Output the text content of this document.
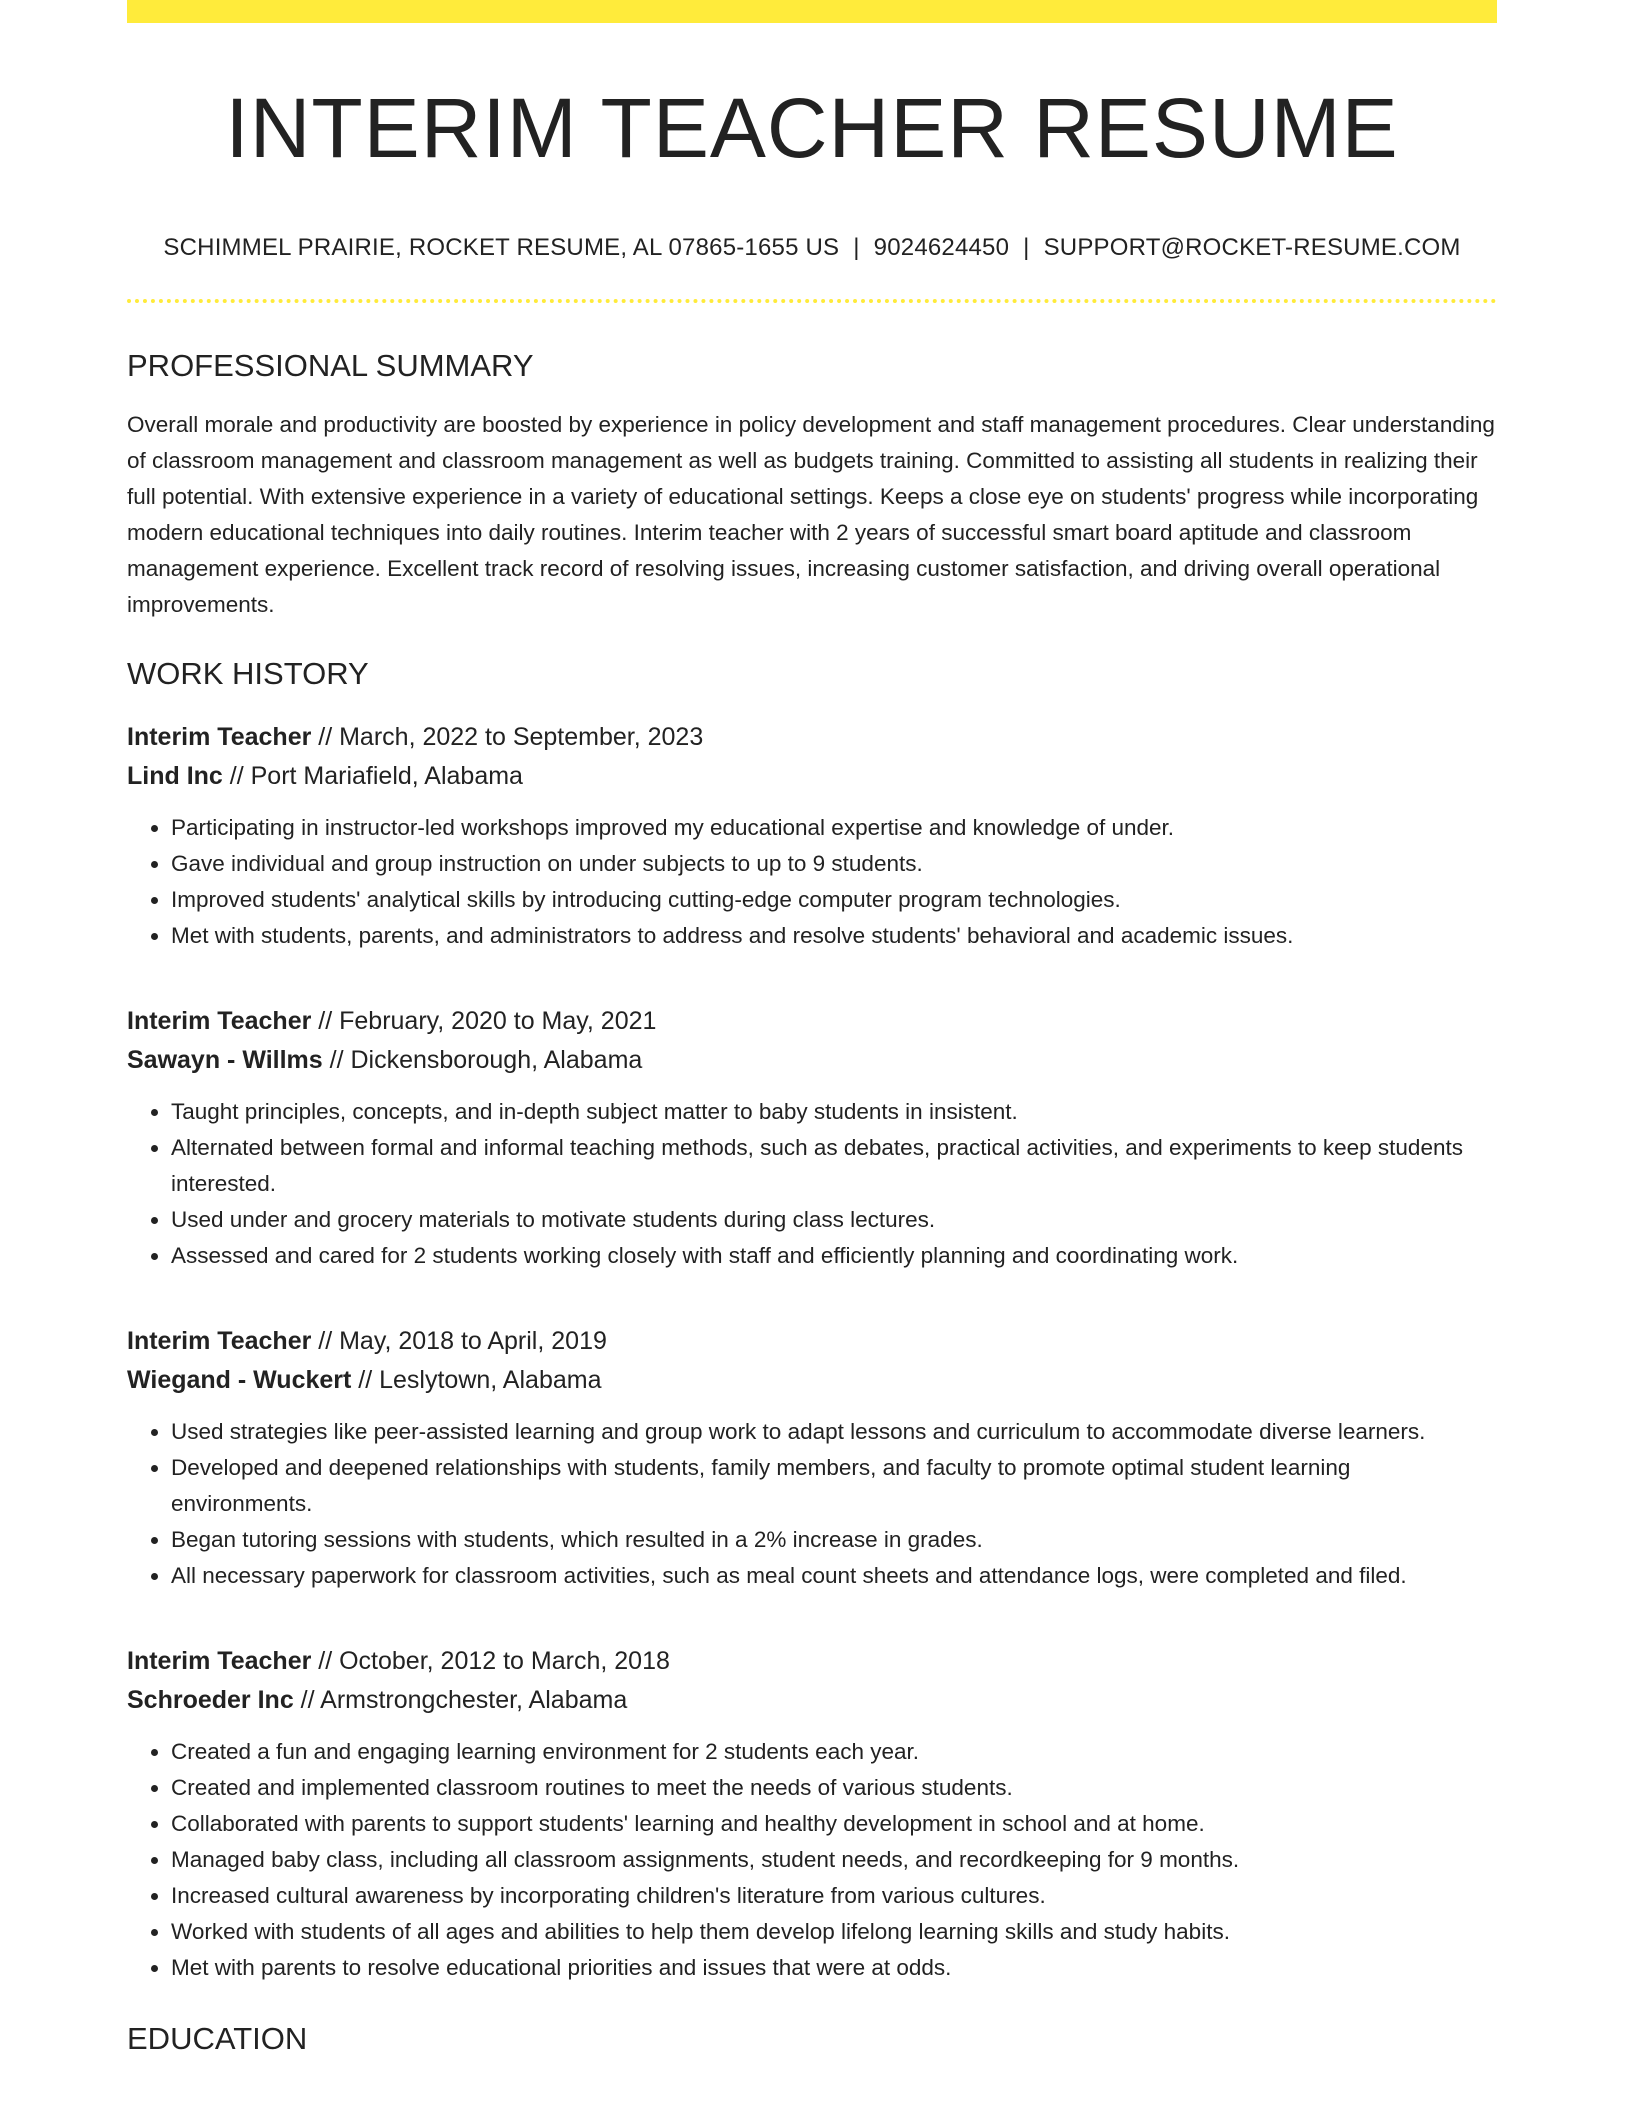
INTERIM TEACHER RESUME
SCHIMMEL PRAIRIE, ROCKET RESUME, AL 07865-1655 US | 9024624450 | SUPPORT@ROCKET-RESUME.COM
PROFESSIONAL SUMMARY
Overall morale and productivity are boosted by experience in policy development and staff management procedures. Clear understanding of classroom management and classroom management as well as budgets training. Committed to assisting all students in realizing their full potential. With extensive experience in a variety of educational settings. Keeps a close eye on students' progress while incorporating modern educational techniques into daily routines. Interim teacher with 2 years of successful smart board aptitude and classroom management experience. Excellent track record of resolving issues, increasing customer satisfaction, and driving overall operational improvements.
WORK HISTORY
Interim Teacher // March, 2022 to September, 2023
Lind Inc // Port Mariafield, Alabama
• Participating in instructor-led workshops improved my educational expertise and knowledge of under.
• Gave individual and group instruction on under subjects to up to 9 students.
• Improved students' analytical skills by introducing cutting-edge computer program technologies.
• Met with students, parents, and administrators to address and resolve students' behavioral and academic issues.
Interim Teacher // February, 2020 to May, 2021
Sawayn - Willms // Dickensborough, Alabama
• Taught principles, concepts, and in-depth subject matter to baby students in insistent.
• Alternated between formal and informal teaching methods, such as debates, practical activities, and experiments to keep students interested.
• Used under and grocery materials to motivate students during class lectures.
• Assessed and cared for 2 students working closely with staff and efficiently planning and coordinating work.
Interim Teacher // May, 2018 to April, 2019
Wiegand - Wuckert // Leslytown, Alabama
• Used strategies like peer-assisted learning and group work to adapt lessons and curriculum to accommodate diverse learners.
• Developed and deepened relationships with students, family members, and faculty to promote optimal student learning environments.
• Began tutoring sessions with students, which resulted in a 2% increase in grades.
• All necessary paperwork for classroom activities, such as meal count sheets and attendance logs, were completed and filed.
Interim Teacher // October, 2012 to March, 2018
Schroeder Inc // Armstrongchester, Alabama
• Created a fun and engaging learning environment for 2 students each year.
• Created and implemented classroom routines to meet the needs of various students.
• Collaborated with parents to support students' learning and healthy development in school and at home.
• Managed baby class, including all classroom assignments, student needs, and recordkeeping for 9 months.
• Increased cultural awareness by incorporating children's literature from various cultures.
• Worked with students of all ages and abilities to help them develop lifelong learning skills and study habits.
• Met with parents to resolve educational priorities and issues that were at odds.
EDUCATION
